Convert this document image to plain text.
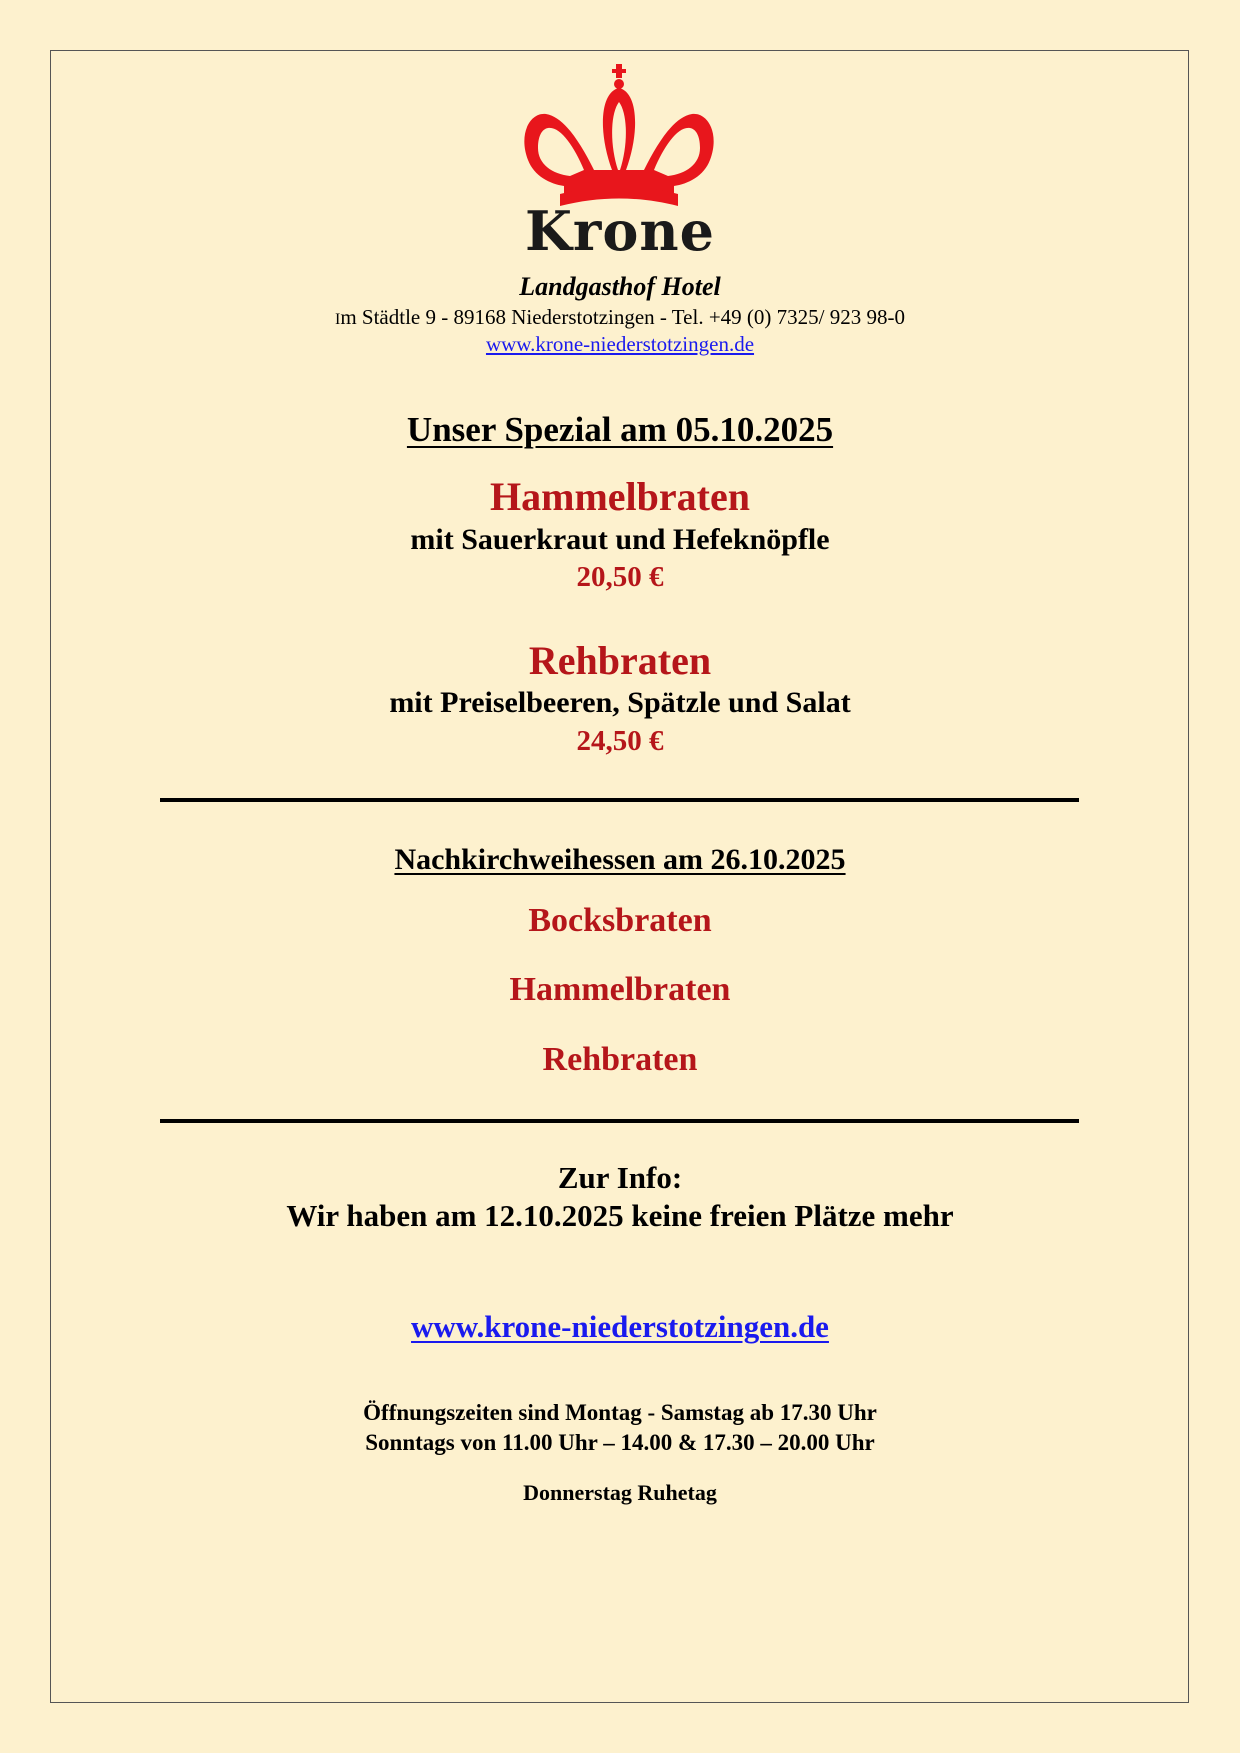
Krone
Landgasthof Hotel
Im Städtle 9 - 89168 Niederstotzingen - Tel. +49 (0) 7325/ 923 98-0
www.krone-niederstotzingen.de
Unser Spezial am 05.10.2025
Hammelbraten
mit Sauerkraut und Hefeknöpfle
20,50 €
Rehbraten
mit Preiselbeeren, Spätzle und Salat
24,50 €
Nachkirchweihessen am 26.10.2025
Bocksbraten
Hammelbraten
Rehbraten
Zur Info:
Wir haben am 12.10.2025 keine freien Plätze mehr
www.krone-niederstotzingen.de
Öffnungszeiten sind Montag - Samstag ab 17.30 Uhr
Sonntags von 11.00 Uhr – 14.00 & 17.30 – 20.00 Uhr
Donnerstag Ruhetag
